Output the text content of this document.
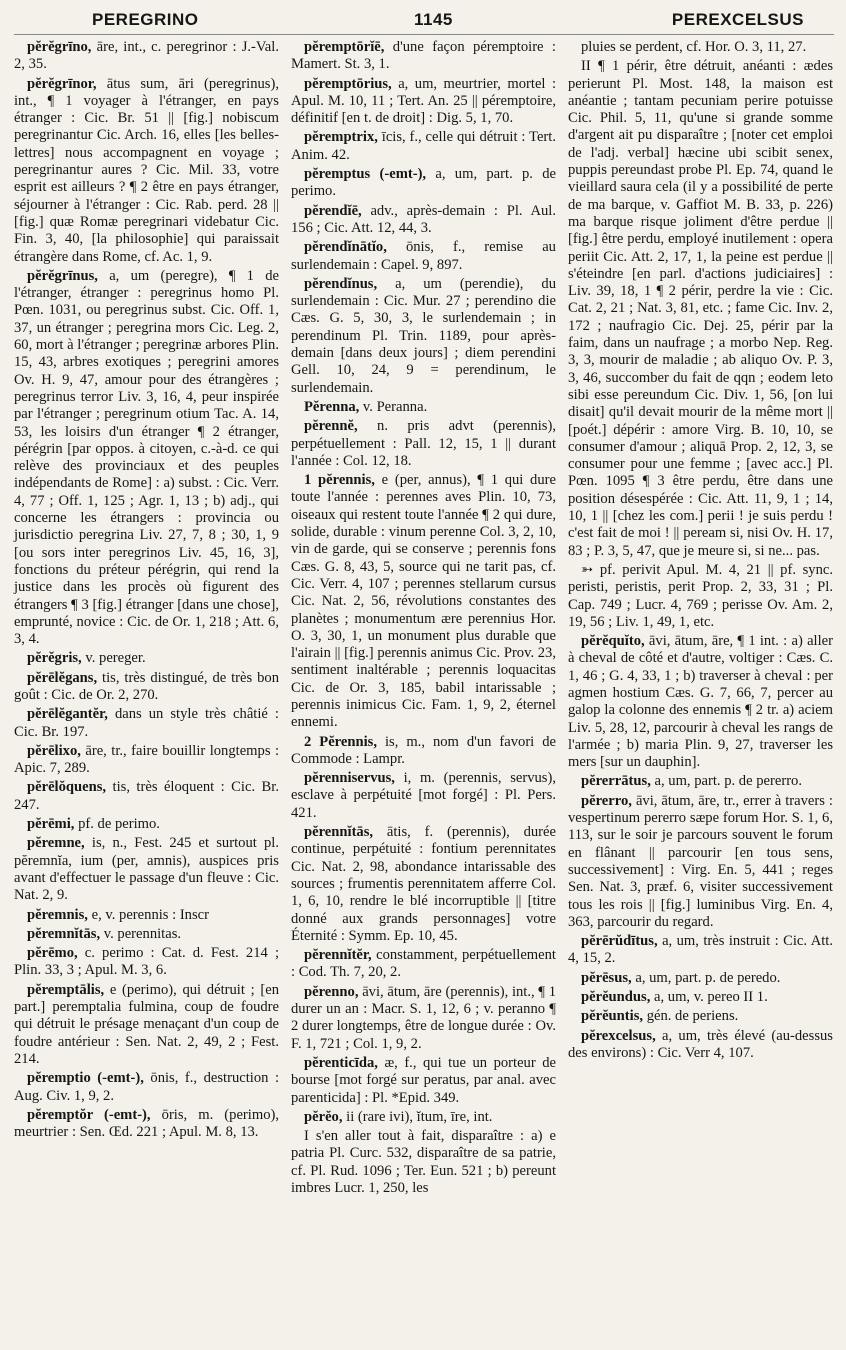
PEREGRINO	1145	PEREXCELSUS

pĕrĕgrīno, āre, int., c. peregrinor : J.-Val. 2, 35.

pĕrĕgrīnor, ātus sum, āri (peregrinus), int., ¶ 1 voyager à l'étranger, en pays étranger : Cic. Br. 51 || [fig.] nobiscum peregrinantur Cic. Arch. 16, elles [les belles-lettres] nous accompagnent en voyage ; peregrinantur aures ? Cic. Mil. 33, votre esprit est ailleurs ? ¶ 2 être en pays étranger, séjourner à l'étranger : Cic. Rab. perd. 28 || [fig.] quæ Romæ peregrinari videbatur Cic. Fin. 3, 40, [la philosophie] qui paraissait étrangère dans Rome, cf. Ac. 1, 9.

pĕrĕgrīnus, a, um (peregre), ¶ 1 de l'étranger, étranger : peregrinus homo Pl. Pœn. 1031, ou peregrinus subst. Cic. Off. 1, 37, un étranger ; peregrina mors Cic. Leg. 2, 60, mort à l'étranger ; peregrinæ arbores Plin. 15, 43, arbres exotiques ; peregrini amores Ov. H. 9, 47, amour pour des étrangères ; peregrinus terror Liv. 3, 16, 4, peur inspirée par l'étranger ; peregrinum otium Tac. A. 14, 53, les loisirs d'un étranger ¶ 2 étranger, pérégrin [par oppos. à citoyen, c.-à-d. ce qui relève des provinciaux et des peuples indépendants de Rome] : a) subst. : Cic. Verr. 4, 77 ; Off. 1, 125 ; Agr. 1, 13 ; b) adj., qui concerne les étrangers : provincia ou jurisdictio peregrina Liv. 27, 7, 8 ; 30, 1, 9 [ou sors inter peregrinos Liv. 45, 16, 3], fonctions du préteur pérégrin, qui rend la justice dans les procès où figurent des étrangers ¶ 3 [fig.] étranger [dans une chose], emprunté, novice : Cic. de Or. 1, 218 ; Att. 6, 3, 4.

pĕrĕgris, v. pereger.

pĕrēlĕgans, tis, très distingué, de très bon goût : Cic. de Or. 2, 270.

pĕrēlĕgantĕr, dans un style très châtié : Cic. Br. 197.

pĕrēlixo, āre, tr., faire bouillir longtemps : Apic. 7, 289.

pĕrēlŏquens, tis, très éloquent : Cic. Br. 247.

pĕrēmi, pf. de perimo.

pĕremne, is, n., Fest. 245 et surtout pl. pĕremnĭa, ium (per, amnis), auspices pris avant d'effectuer le passage d'un fleuve : Cic. Nat. 2, 9.

pĕremnis, e, v. perennis : Inscr

pĕremnĭtās, v. perennitas.

pĕrēmo, c. perimo : Cat. d. Fest. 214 ; Plin. 33, 3 ; Apul. M. 3, 6.

pĕremptālis, e (perimo), qui détruit ; [en part.] peremptalia fulmina, coup de foudre qui détruit le présage menaçant d'un coup de foudre antérieur : Sen. Nat. 2, 49, 2 ; Fest. 214.

pĕremptio (-emt-), ōnis, f., destruction : Aug. Civ. 1, 9, 2.

pĕremptŏr (-emt-), ōris, m. (perimo), meurtrier : Sen. Œd. 221 ; Apul. M. 8, 13.

pĕremptōrĭē, d'une façon péremptoire : Mamert. St. 3, 1.

pĕremptōrius, a, um, meurtrier, mortel : Apul. M. 10, 11 ; Tert. An. 25 || péremptoire, définitif [en t. de droit] : Dig. 5, 1, 70.

pĕremptrix, īcis, f., celle qui détruit : Tert. Anim. 42.

pĕremptus (-emt-), a, um, part. p. de perimo.

pĕrendĭē, adv., après-demain : Pl. Aul. 156 ; Cic. Att. 12, 44, 3.

pĕrendĭnātĭo, ōnis, f., remise au surlendemain : Capel. 9, 897.

pĕrendĭnus, a, um (perendie), du surlendemain : Cic. Mur. 27 ; perendino die Cæs. G. 5, 30, 3, le surlendemain ; in perendinum Pl. Trin. 1189, pour après-demain [dans deux jours] ; diem perendini Gell. 10, 24, 9 = perendinum, le surlendemain.

Pĕrenna, v. Peranna.

pĕrennĕ, n. pris advt (perennis), perpétuellement : Pall. 12, 15, 1 || durant l'année : Col. 12, 18.

1 pĕrennis, e (per, annus), ¶ 1 qui dure toute l'année : perennes aves Plin. 10, 73, oiseaux qui restent toute l'année ¶ 2 qui dure, solide, durable : vinum perenne Col. 3, 2, 10, vin de garde, qui se conserve ; perennis fons Cæs. G. 8, 43, 5, source qui ne tarit pas, cf. Cic. Verr. 4, 107 ; perennes stellarum cursus Cic. Nat. 2, 56, révolutions constantes des planètes ; monumentum ære perennius Hor. O. 3, 30, 1, un monument plus durable que l'airain || [fig.] perennis animus Cic. Prov. 23, sentiment inaltérable ; perennis loquacitas Cic. de Or. 3, 185, babil intarissable ; perennis inimicus Cic. Fam. 1, 9, 2, éternel ennemi.

2 Pĕrennis, is, m., nom d'un favori de Commode : Lampr.

pĕrenniservus, i, m. (perennis, servus), esclave à perpétuité [mot forgé] : Pl. Pers. 421.

pĕrennĭtās, ātis, f. (perennis), durée continue, perpétuité : fontium perennitates Cic. Nat. 2, 98, abondance intarissable des sources ; frumentis perennitatem afferre Col. 1, 6, 10, rendre le blé incorruptible || [titre donné aux grands personnages] votre Éternité : Symm. Ep. 10, 45.

pĕrennĭtĕr, constamment, perpétuellement : Cod. Th. 7, 20, 2.

pĕrenno, āvi, ātum, āre (perennis), int., ¶ 1 durer un an : Macr. S. 1, 12, 6 ; v. peranno ¶ 2 durer longtemps, être de longue durée : Ov. F. 1, 721 ; Col. 1, 9, 2.

pĕrenticīda, æ, f., qui tue un porteur de bourse [mot forgé sur peratus, par anal. avec parenticida] : Pl. *Epid. 349.

pĕrĕo, ii (rare ivi), ĭtum, īre, int.

I s'en aller tout à fait, disparaître : a) e patria Pl. Curc. 532, disparaître de sa patrie, cf. Pl. Rud. 1096 ; Ter. Eun. 521 ; b) pereunt imbres Lucr. 1, 250, les

pluies se perdent, cf. Hor. O. 3, 11, 27.

II ¶ 1 périr, être détruit, anéanti : ædes perierunt Pl. Most. 148, la maison est anéantie ; tantam pecuniam perire potuisse Cic. Phil. 5, 11, qu'une si grande somme d'argent ait pu disparaître ; [noter cet emploi de l'adj. verbal] hæcine ubi scibit senex, puppis pereundast probe Pl. Ep. 74, quand le vieillard saura cela (il y a possibilité de perte de ma barque, v. Gaffiot M. B. 33, p. 226) ma barque risque joliment d'être perdue || [fig.] être perdu, employé inutilement : opera periit Cic. Att. 2, 17, 1, la peine est perdue || s'éteindre [en parl. d'actions judiciaires] : Liv. 39, 18, 1 ¶ 2 périr, perdre la vie : Cic. Cat. 2, 21 ; Nat. 3, 81, etc. ; fame Cic. Inv. 2, 172 ; naufragio Cic. Dej. 25, périr par la faim, dans un naufrage ; a morbo Nep. Reg. 3, 3, mourir de maladie ; ab aliquo Ov. P. 3, 3, 46, succomber du fait de qqn ; eodem leto sibi esse pereundum Cic. Div. 1, 56, [on lui disait] qu'il devait mourir de la même mort || [poét.] dépérir : amore Virg. B. 10, 10, se consumer d'amour ; aliquā Prop. 2, 12, 3, se consumer pour une femme ; [avec acc.] Pl. Pœn. 1095 ¶ 3 être perdu, être dans une position désespérée : Cic. Att. 11, 9, 1 ; 14, 10, 1 || [chez les com.] perii ! je suis perdu ! c'est fait de moi ! || peream si, nisi Ov. H. 17, 83 ; P. 3, 5, 47, que je meure si, si ne... pas.

➳ pf. perivit Apul. M. 4, 21 || pf. sync. peristi, peristis, perit Prop. 2, 33, 31 ; Pl. Cap. 749 ; Lucr. 4, 769 ; perisse Ov. Am. 2, 19, 56 ; Liv. 1, 49, 1, etc.

pĕrĕquĭto, āvi, ātum, āre, ¶ 1 int. : a) aller à cheval de côté et d'autre, voltiger : Cæs. C. 1, 46 ; G. 4, 33, 1 ; b) traverser à cheval : per agmen hostium Cæs. G. 7, 66, 7, percer au galop la colonne des ennemis ¶ 2 tr. a) aciem Liv. 5, 28, 12, parcourir à cheval les rangs de l'armée ; b) maria Plin. 9, 27, traverser les mers [sur un dauphin].

pĕrerrātus, a, um, part. p. de pererro.

pĕrerro, āvi, ātum, āre, tr., errer à travers : vespertinum pererro sæpe forum Hor. S. 1, 6, 113, sur le soir je parcours souvent le forum en flânant || parcourir [en tous sens, successivement] : Virg. En. 5, 441 ; reges Sen. Nat. 3, præf. 6, visiter successivement tous les rois || [fig.] luminibus Virg. En. 4, 363, parcourir du regard.

pĕrērŭdītus, a, um, très instruit : Cic. Att. 4, 15, 2.

pĕrēsus, a, um, part. p. de peredo.

pĕrĕundus, a, um, v. pereo II 1.

pĕrĕuntis, gén. de periens.

pĕrexcelsus, a, um, très élevé (au-dessus des environs) : Cic. Verr 4, 107.
